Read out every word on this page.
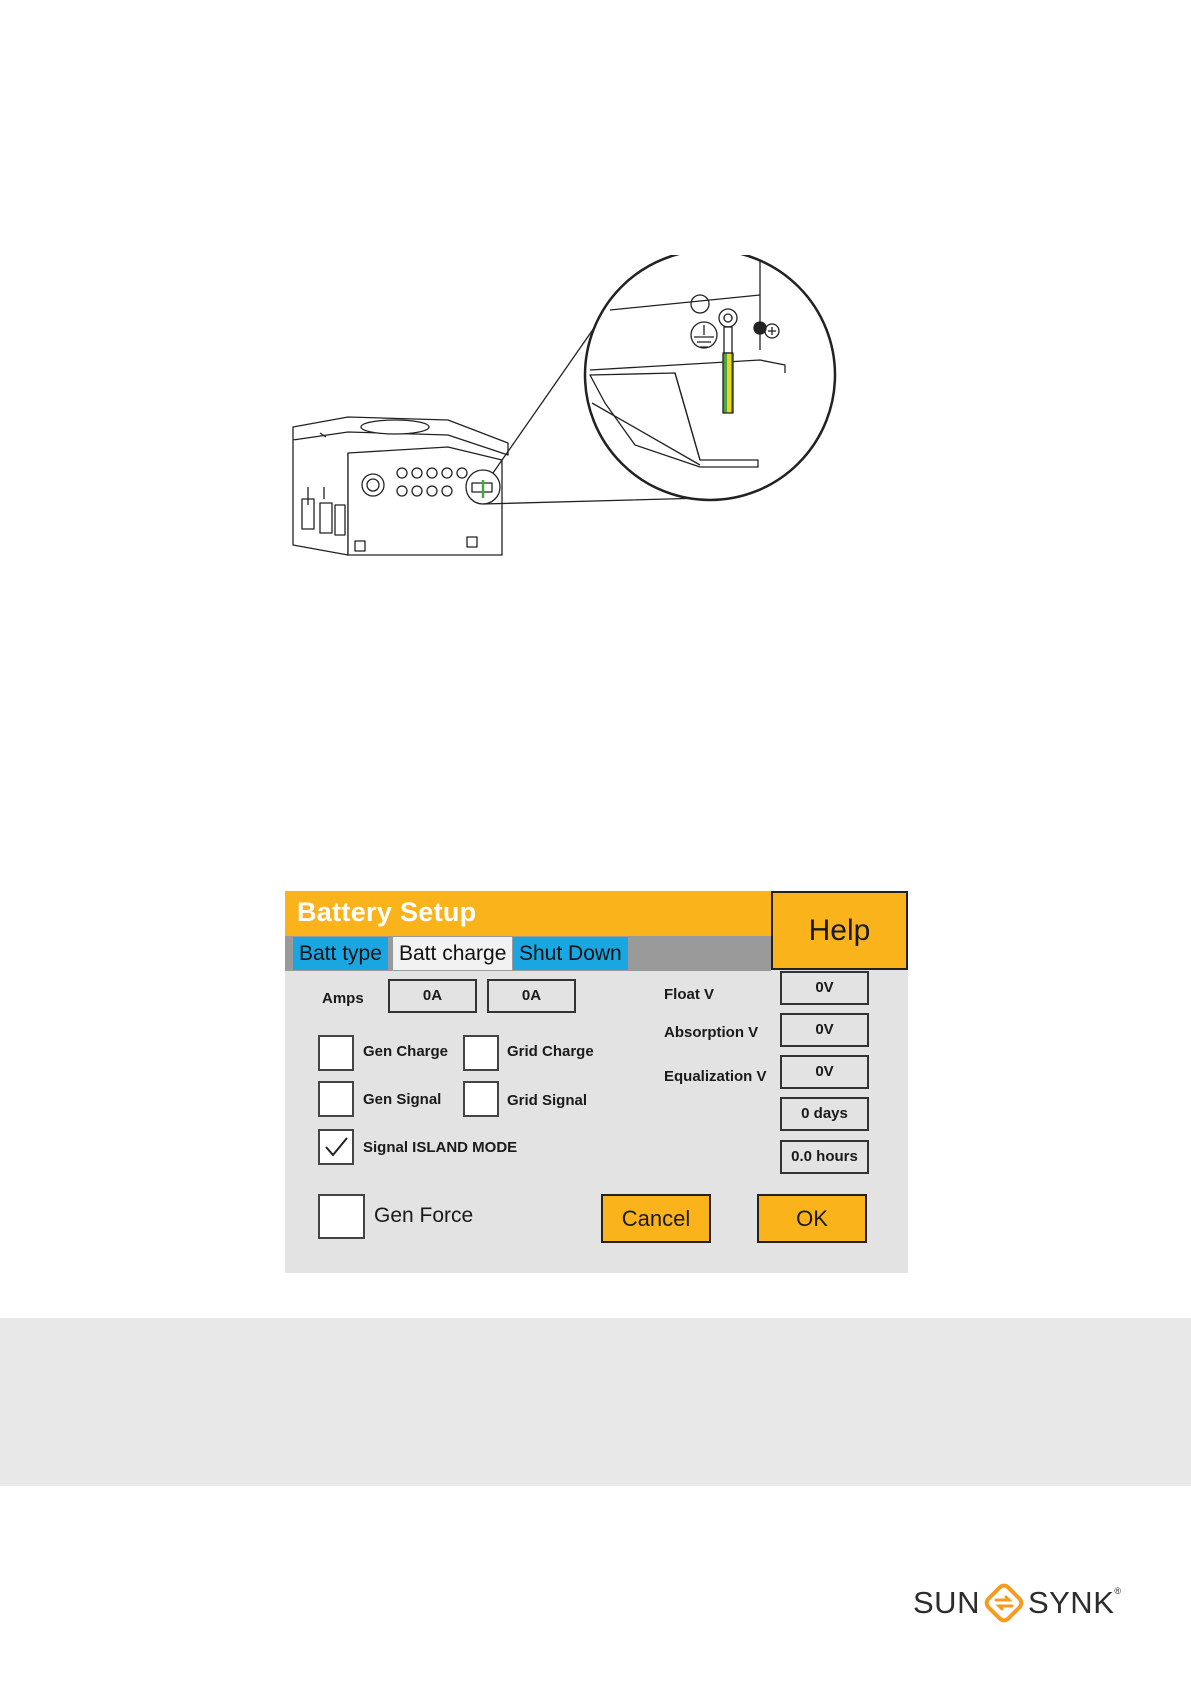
Battery Setup
Batt type Batt charge Shut Down
Help
Amps	0A	0A
Gen Charge	Grid Charge
Gen Signal	Grid Signal
Signal ISLAND MODE
Gen Force
Float V	0V
Absorption V	0V
Equalization V	0V
0 days
0.0 hours
Cancel	OK
SUN SYNK ®
